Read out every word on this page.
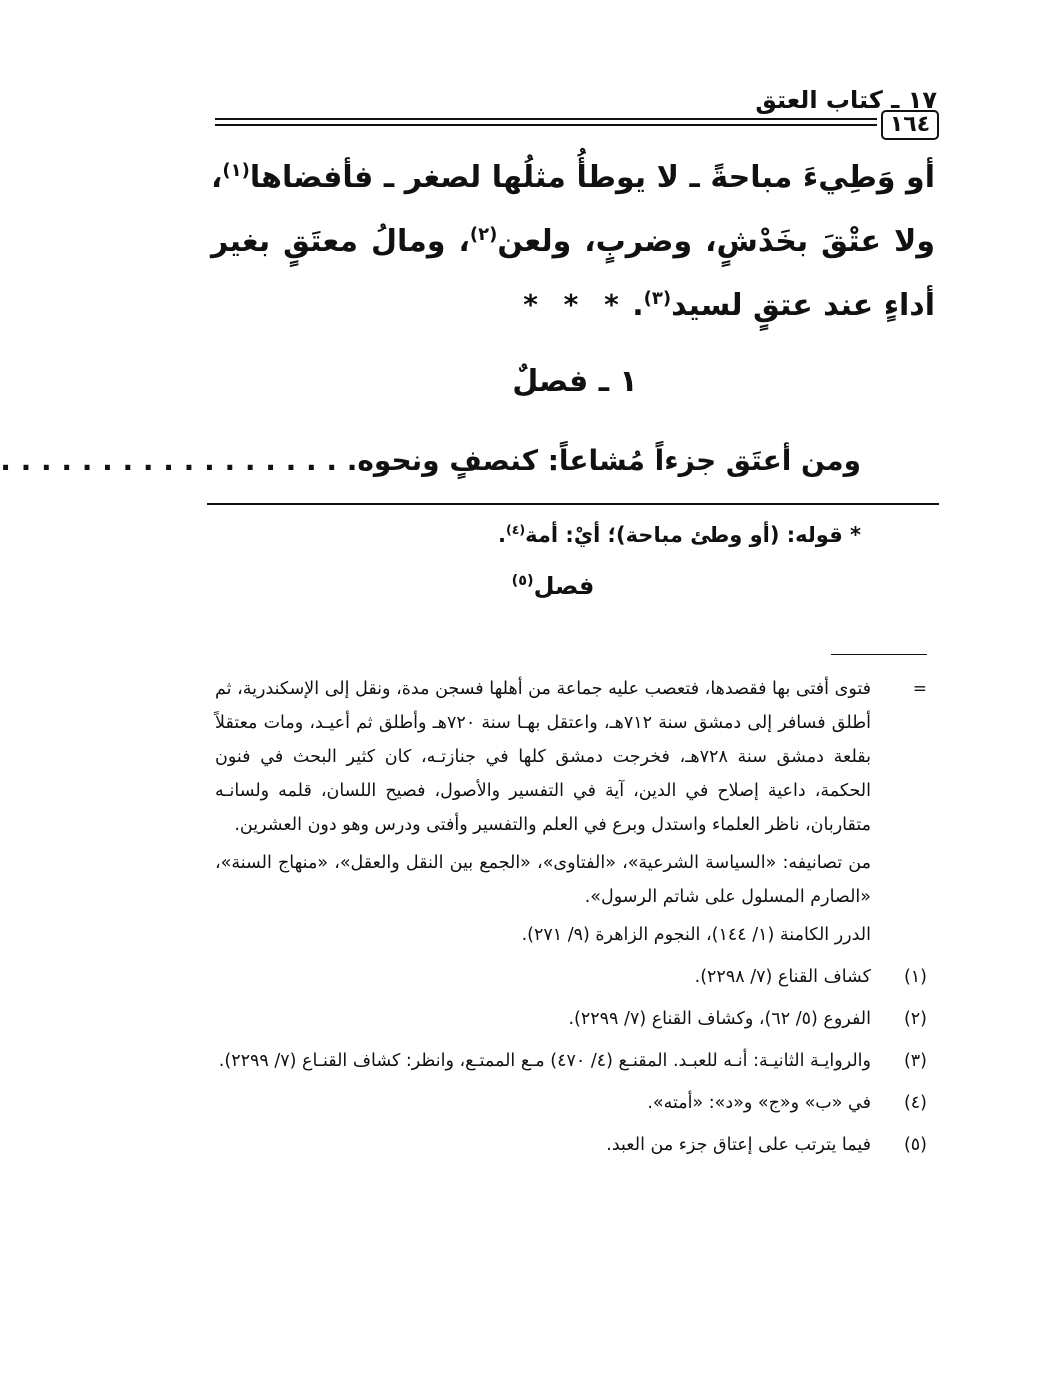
١٧ ـ كتاب العتق
١٦٤
أو وَطِيءَ مباحةً ـ لا يوطأُ مثلُها لصغر ـ فأفضاها$^{(١)}$، ولا عتْقَ بخَدْشٍ، وضربٍ، ولعن$^{(٢)}$، ومالُ معتَقٍ بغير أداءٍ عند عتقٍ لسيد$^{(٣)}$.
* * *
١ ـ فصلٌ
ومن أعتَق جزءاً مُشاعاً: كنصفٍ ونحوه. . . . . . . . . . . . . . . . . .
* قوله: (أو وطئ مباحة)؛ أيْ: أمة$^{(٤)}$.
فصل$^{(٥)}$
=
فتوى أفتى بها فقصدها، فتعصب عليه جماعة من أهلها فسجن مدة، ونقل إلى الإسكندرية، ثم أطلق فسافر إلى دمشق سنة ٧١٢هـ، واعتقل بهـا سنة ٧٢٠هـ وأطلق ثم أعيـد، ومات معتقلاً بقلعة دمشق سنة ٧٢٨هـ، فخرجت دمشق كلها في جنازتـه، كان كثير البحث في فنون الحكمة، داعية إصلاح في الدين، آية في التفسير والأصول، فصيح اللسان، قلمه ولسانـه متقاربان، ناظر العلماء واستدل وبرع في العلم والتفسير وأفتى ودرس وهو دون العشرين.
من تصانيفه: «السياسة الشرعية»، «الفتاوى»، «الجمع بين النقل والعقل»، «منهاج السنة»، «الصارم المسلول على شاتم الرسول».
الدرر الكامنة (١/ ١٤٤)، النجوم الزاهرة (٩/ ٢٧١).
(١)
كشاف القناع (٧/ ٢٢٩٨).
(٢)
الفروع (٥/ ٦٢)، وكشاف القناع (٧/ ٢٢٩٩).
(٣)
والروايـة الثانيـة: أنـه للعبـد. المقنـع (٤/ ٤٧٠) مـع الممتـع، وانظر: كشاف القنـاع (٧/ ٢٢٩٩).
(٤)
في «ب» و«ج» و«د»: «أمته».
(٥)
فيما يترتب على إعتاق جزء من العبد.
